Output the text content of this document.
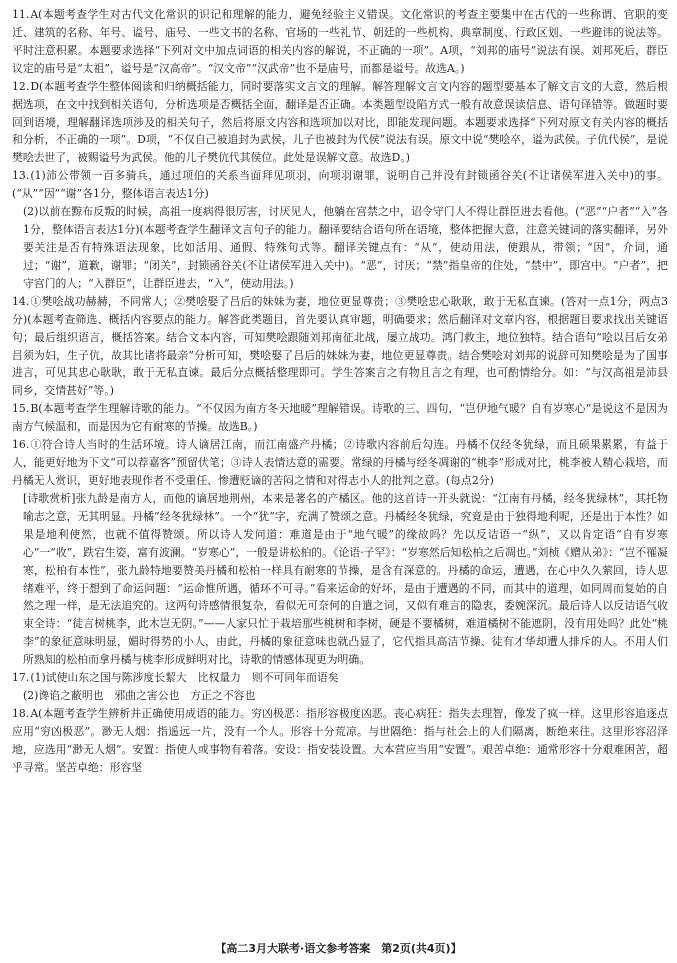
11.A(本题考查学生对古代文化常识的识记和理解的能力，避免经验主义错误。文化常识的考查主要集中在古代的一些称谓、官职的变迁、建筑的名称、年号、谥号、庙号、一些文书的名称、官场的一些礼节、朝廷的一些机构、典章制度、行政区划、一些避讳的说法等。平时注意积累。本题要求选择“下列对文中加点词语的相关内容的解说，不正确的一项”。A项，“刘邦的庙号”说法有误。刘邦死后，群臣议定的庙号是“太祖”，谥号是“汉高帝”。“汉文帝”“汉武帝”也不是庙号，而都是谥号。故选A。)

12.D(本题考查学生整体阅读和归纳概括能力，同时要落实文言文的理解。解答理解文言文内容的题型要基本了解文言文的大意，然后根据选项，在文中找到相关语句，分析选项是否概括全面，翻译是否正确。本类题型设陷方式一般有故意误读信息、语句译错等。做题时要回到语境，理解翻译选项涉及的相关句子，然后将原文内容和选项加以对比，即能发现问题。本题要求选择“下列对原文有关内容的概括和分析，不正确的一项”。D项，“不仅自己被追封为武侯，儿子也被封为代侯”说法有误。原文中说“樊哙卒，谥为武侯。子伉代侯”，是说樊哙去世了，被赐谥号为武侯。他的儿子樊伉代其侯位。此处是误解文意。故选D。)

13.(1)沛公带领一百多骑兵，通过项伯的关系当面拜见项羽，向项羽谢罪，说明自己并没有封锁函谷关(不让诸侯军进入关中)的事。(“从”“因”“谢”各1分，整体语言表达1分)

(2)以前在黥布反叛的时候，高祖一度病得很厉害，讨厌见人，他躺在宫禁之中，诏令守门人不得让群臣进去看他。(“恶”“户者”“入”各1分，整体语言表达1分)(本题考查学生翻译文言句子的能力。翻译要结合语句所在语境，整体把握大意，注意关键词的落实翻译，另外要关注是否有特殊语法现象，比如活用、通假、特殊句式等。翻译关键点有：“从”，使动用法，使跟从，带领；“因”，介词，通过；“谢”，道歉，谢罪；“闭关”，封锁函谷关(不让诸侯军进入关中)。“恶”，讨厌；“禁”指皇帝的住处，“禁中”，即宫中。“户者”，把守宫门的人；“入群臣”，让群臣进去，“入”，使动用法。)

14.①樊哙战功赫赫，不同常人；②樊哙娶了吕后的妹妹为妻，地位更显尊贵；③樊哙忠心耿耿，敢于无私直谏。(答对一点1分，两点3分)(本题考查筛选、概括内容要点的能力。解答此类题目，首先要认真审题，明确要求；然后翻译对文章内容，根据题目要求找出关键语句；最后组织语言，概括答案。结合文本内容，可知樊哙跟随刘邦南征北战，屡立战功。鸿门救主，地位独特。结合语句“哙以吕后女弟吕须为妇，生子伉，故其比诸将最亲”分析可知，樊哙娶了吕后的妹妹为妻，地位更显尊贵。结合樊哙对刘邦的说辞可知樊哙是为了国事进言，可见其忠心耿耿，敢于无私直谏。最后分点概括整理即可。学生答案言之有物且言之有理，也可酌情给分。如：“与汉高祖是沛县同乡，交情甚好”等。)

15.B(本题考查学生理解诗歌的能力。“不仅因为南方冬天地暖”理解错误。诗歌的三、四句，“岂伊地气暖？自有岁寒心”是说这不是因为南方气候温和，而是因为它有耐寒的节操。故选B。)

16.①符合诗人当时的生活环境。诗人谪居江南，而江南盛产丹橘；②诗歌内容前后勾连。丹橘不仅经冬犹绿，而且硕果累累，有益于人，能更好地为下文“可以荐嘉客”预留伏笔；③诗人表情达意的需要。常绿的丹橘与经冬凋谢的“桃李”形成对比，桃李被人精心栽培，而丹橘无人赏识，更好地表现作者不受重任、惨遭贬谪的苦闷之情和对得志小人的批判之意。(每点2分)

[诗歌赏析]张九龄是南方人，而他的谪居地荆州，本来是著名的产橘区。他的这首诗一开头就说：“江南有丹橘，经冬犹绿林”，其托物喻志之意，无其明显。丹橘“经冬犹绿林”。一个“犹”字，充满了赞颂之意。丹橘经冬犹绿，究竟是由于独得地利呢，还是出于本性？如果是地利使然，也就不值得赞颂。所以诗人发问道：难道是由于“地气暖”的缘故吗？先以反诘语一“纵”，又以肯定语“自有岁寒心”一“收”，跌宕生姿，富有波澜。“岁寒心”，一般是讲松柏的。《论语·子罕》：“岁寒然后知松柏之后凋也。”刘桢《赠从弟》：“岂不罹凝寒，松柏有本性”，张九龄特地要赞美丹橘和松柏一样具有耐寒的节操，是含有深意的。丹橘的命运，遭遇，在心中久久萦回，诗人思绪难平，终于想到了命运问题：“运命惟所遇，循环不可寻。”看来运命的好坏，是由于遭遇的不同，而其中的道理，如同周而复始的自然之理一样，是无法追究的。这两句诗感情很复杂，看似无可奈何的自遣之词，又似有难言的隐衷，委婉深沉。最后诗人以反诘语气收束全诗：“徒言树桃李，此木岂无阴。”——人家只忙于栽培那些桃树和李树，硬是不要橘树，难道橘树不能遮阴，没有用处吗？此处“桃李”的象征意味明显，媚时得势的小人，由此，丹橘的象征意味也就凸显了，它代指具高洁节操、徒有才华却遭人排斥的人。不用人们所熟知的松柏而拿丹橘与桃李形成鲜明对比，诗歌的情感体现更为明确。

17.(1)试使山东之国与陈涉度长絜大　比权量力　则不可同年而语矣

(2)谗谄之蔽明也　邪曲之害公也　方正之不容也

18.A(本题考查学生辨析并正确使用成语的能力。穷凶极恶：指形容极度凶恶。丧心病狂：指失去理智，像发了疯一样。这里形容追逐点应用“穷凶极恶”。渺无人烟：指遥远一片，没有一个人。形容十分荒凉。与世隔绝：指与社会上的人们隔离，断绝来往。这里形容沼泽地，应选用“渺无人烟”。安置：指使人或事物有着落。安设：指安装设置。大本营应当用“安置”。艰苦卓绝：通常形容十分艰难困苦，超乎寻常。坚苦卓绝：形容坚

【高二3月大联考·语文参考答案　第2页(共4页)】
